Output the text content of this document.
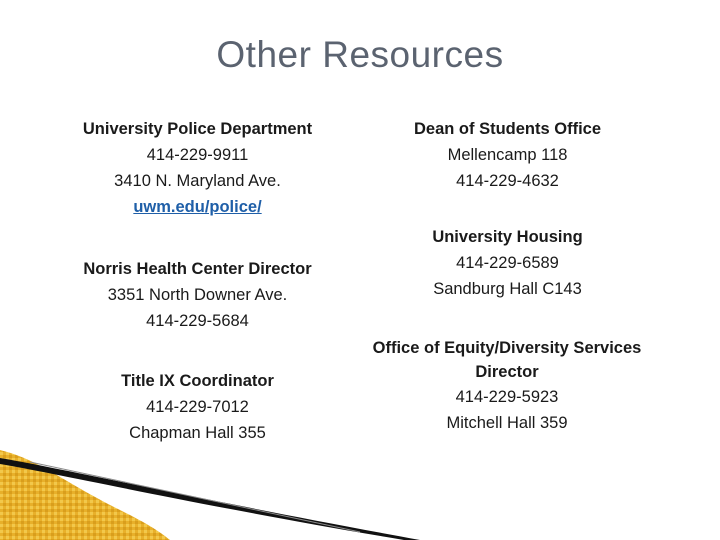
Other Resources
University Police Department
414-229-9911
3410 N. Maryland Ave.
uwm.edu/police/
Norris Health Center Director
3351 North Downer Ave.
414-229-5684
Title IX Coordinator
414-229-7012
Chapman Hall 355
Dean of Students Office
Mellencamp 118
414-229-4632
University Housing
414-229-6589
Sandburg Hall C143
Office of Equity/Diversity Services
Director
414-229-5923
Mitchell Hall 359
